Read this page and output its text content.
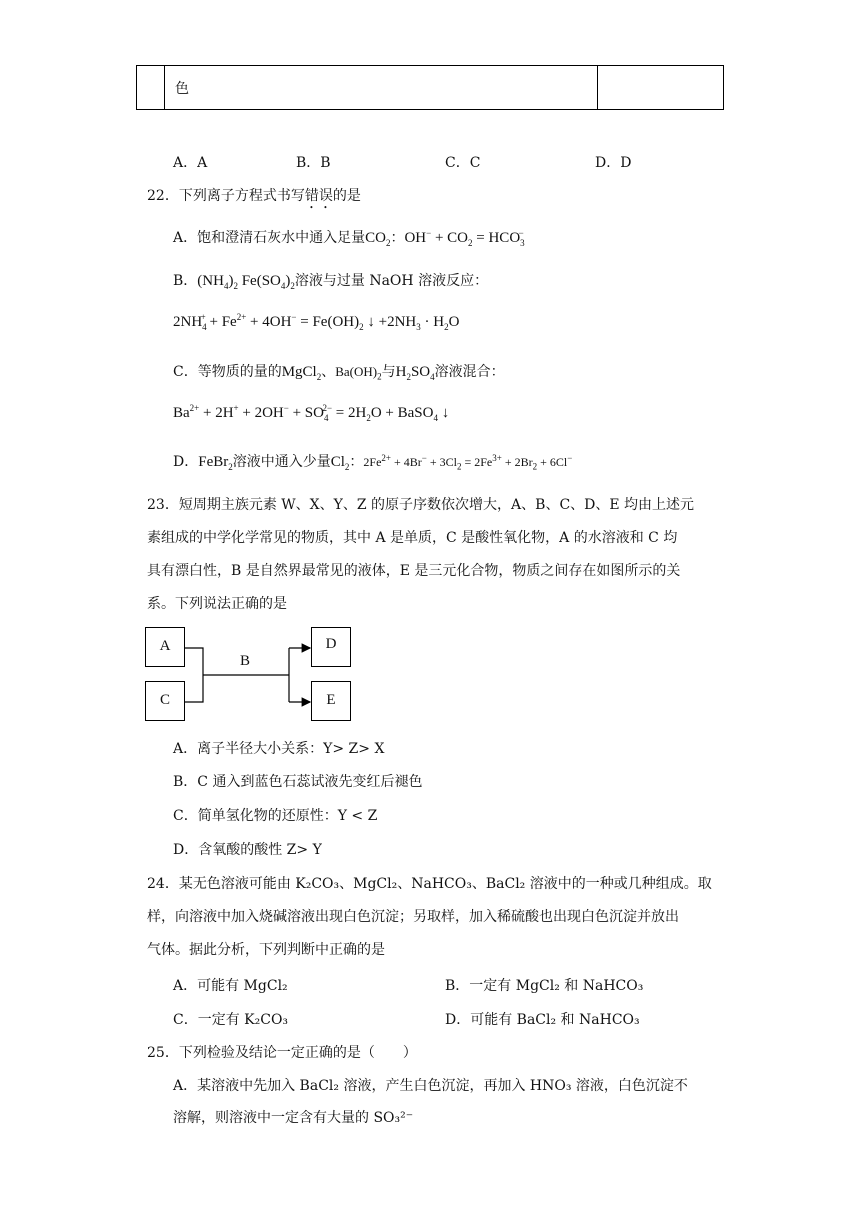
色
A．A	B．B	C．C	D．D
22．下列离子方程式书写错误的是
A．饱和澄清石灰水中通入足量$CO_2$：$OH^- + CO_2 = HCO_3^-$
B．$(NH_4)_2$ $Fe(SO_4)_2$溶液与过量 NaOH 溶液反应：
$2NH_4^+ + Fe^{2+} + 4OH^- = Fe(OH)_2$ ↓ $+2NH_3 \cdot H_2O$
C．等物质的量的MgCl$_2$、$Ba(OH)_2$与$H_2SO_4$溶液混合：
$Ba^{2+} + 2H^+ + 2OH^- + SO_4^{2-} = 2H_2O$ + BaSO$_4$ ↓
D．FeBr$_2$溶液中通入少量$Cl_2$：$2Fe^{2+} + 4Br^- + 3Cl_2 = 2Fe^{3+} + 2Br_2 + 6Cl^-$
23．短周期主族元素 W、X、Y、Z 的原子序数依次增大，A、B、C、D、E 均由上述元
素组成的中学化学常见的物质，其中 A 是单质，C 是酸性氧化物，A 的水溶液和 C 均
具有漂白性，B 是自然界最常见的液体，E 是三元化合物，物质之间存在如图所示的关
系。下列说法正确的是
A
C
D
E
B
A．离子半径大小关系：Y> Z> X
B．C 通入到蓝色石蕊试液先变红后褪色
C．简单氢化物的还原性：Y < Z
D．含氧酸的酸性 Z> Y
24．某无色溶液可能由 K₂CO₃、MgCl₂、NaHCO₃、BaCl₂ 溶液中的一种或几种组成。取
样，向溶液中加入烧碱溶液出现白色沉淀；另取样，加入稀硫酸也出现白色沉淀并放出
气体。据此分析，下列判断中正确的是
A．可能有 MgCl₂	B．一定有 MgCl₂ 和 NaHCO₃
C．一定有 K₂CO₃	D．可能有 BaCl₂ 和 NaHCO₃
25．下列检验及结论一定正确的是（　　）
A．某溶液中先加入 BaCl₂ 溶液，产生白色沉淀，再加入 HNO₃ 溶液，白色沉淀不
溶解，则溶液中一定含有大量的 SO₃²⁻
